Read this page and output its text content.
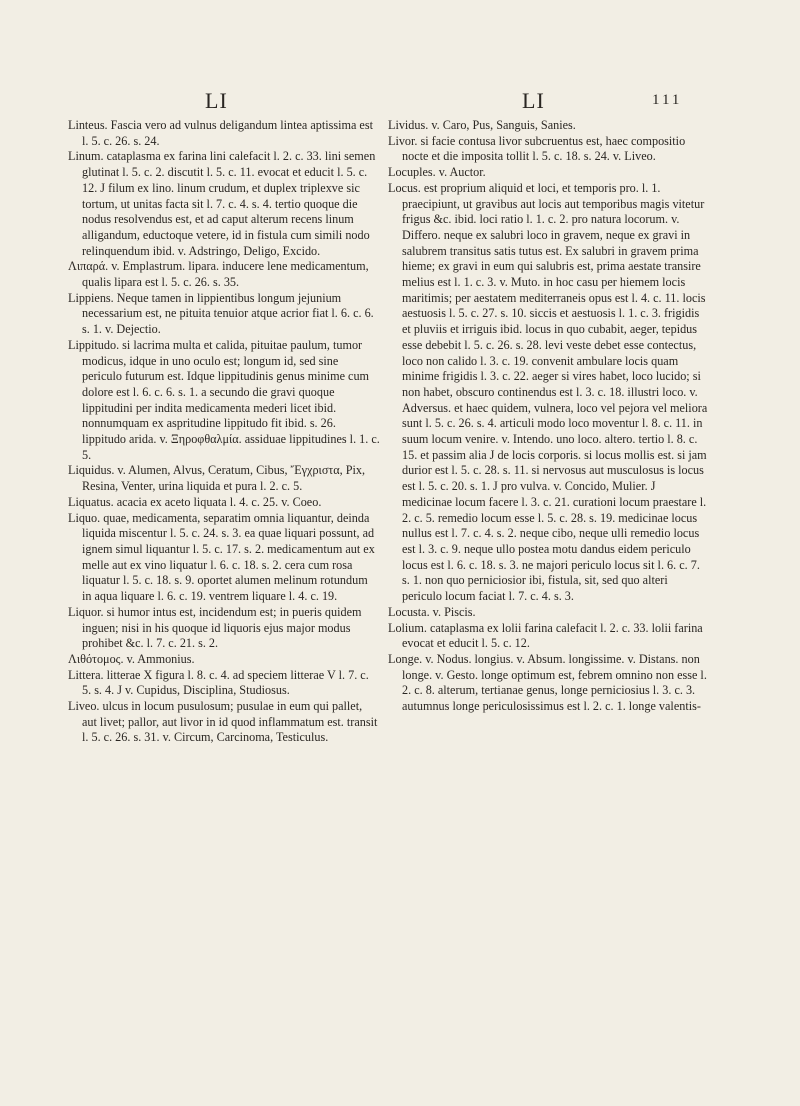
LI	LI	111

Linteus. Fascia vero ad vulnus deligandum lintea aptissima est l. 5. c. 26. s. 24.

Linum. cataplasma ex farina lini calefacit l. 2. c. 33. lini semen glutinat l. 5. c. 2. discutit l. 5. c. 11. evocat et educit l. 5. c. 12. J filum ex lino. linum crudum, et duplex triplexve sic tortum, ut unitas facta sit l. 7. c. 4. s. 4. tertio quoque die nodus resolvendus est, et ad caput alterum recens linum alligandum, eductoque vetere, id in fistula cum simili nodo relinquendum ibid. v. Adstringo, Deligo, Excido.

Λιπαρά. v. Emplastrum. lipara. inducere lene medicamentum, qualis lipara est l. 5. c. 26. s. 35.

Lippiens. Neque tamen in lippientibus longum jejunium necessarium est, ne pituita tenuior atque acrior fiat l. 6. c. 6. s. 1. v. Dejectio.

Lippitudo. si lacrima multa et calida, pituitae paulum, tumor modicus, idque in uno oculo est; longum id, sed sine periculo futurum est. Idque lippitudinis genus minime cum dolore est l. 6. c. 6. s. 1. a secundo die gravi quoque lippitudini per indita medicamenta mederi licet ibid. nonnumquam ex aspritudine lippitudo fit ibid. s. 26. lippitudo arida. v. Ξηροφθαλμία. assiduae lippitudines l. 1. c. 5.

Liquidus. v. Alumen, Alvus, Ceratum, Cibus, Ἔγχριστα, Pix, Resina, Venter, urina liquida et pura l. 2. c. 5.

Liquatus. acacia ex aceto liquata l. 4. c. 25. v. Coeo.

Liquo. quae, medicamenta, separatim omnia liquantur, deinda liquida miscentur l. 5. c. 24. s. 3. ea quae liquari possunt, ad ignem simul liquantur l. 5. c. 17. s. 2. medicamentum aut ex melle aut ex vino liquatur l. 6. c. 18. s. 2. cera cum rosa liquatur l. 5. c. 18. s. 9. oportet alumen melinum rotundum in aqua liquare l. 6. c. 19. ventrem liquare l. 4. c. 19.

Liquor. si humor intus est, incidendum est; in pueris quidem inguen; nisi in his quoque id liquoris ejus major modus prohibet &c. l. 7. c. 21. s. 2.

Λιθότομος. v. Ammonius.

Littera. litterae X figura l. 8. c. 4. ad speciem litterae V l. 7. c. 5. s. 4. J v. Cupidus, Disciplina, Studiosus.

Liveo. ulcus in locum pusulosum; pusulae in eum qui pallet, aut livet; pallor, aut livor in id quod inflammatum est. transit l. 5. c. 26. s. 31. v. Circum, Carcinoma, Testiculus.

Lividus. v. Caro, Pus, Sanguis, Sanies.

Livor. si facie contusa livor subcruentus est, haec compositio nocte et die imposita tollit l. 5. c. 18. s. 24. v. Liveo.

Locuples. v. Auctor.

Locus. est proprium aliquid et loci, et temporis pro. l. 1. praecipiunt, ut gravibus aut locis aut temporibus magis vitetur frigus &c. ibid. loci ratio l. 1. c. 2. pro natura locorum. v. Differo. neque ex salubri loco in gravem, neque ex gravi in salubrem transitus satis tutus est. Ex salubri in gravem prima hieme; ex gravi in eum qui salubris est, prima aestate transire melius est l. 1. c. 3. v. Muto. in hoc casu per hiemem locis maritimis; per aestatem mediterraneis opus est l. 4. c. 11. locis aestuosis l. 5. c. 27. s. 10. siccis et aestuosis l. 1. c. 3. frigidis et pluviis et irriguis ibid. locus in quo cubabit, aeger, tepidus esse debebit l. 5. c. 26. s. 28. levi veste debet esse contectus, loco non calido l. 3. c. 19. convenit ambulare locis quam minime frigidis l. 3. c. 22. aeger si vires habet, loco lucido; si non habet, obscuro continendus est l. 3. c. 18. illustri loco. v. Adversus. et haec quidem, vulnera, loco vel pejora vel meliora sunt l. 5. c. 26. s. 4. articuli modo loco moventur l. 8. c. 11. in suum locum venire. v. Intendo. uno loco. altero. tertio l. 8. c. 15. et passim alia J de locis corporis. si locus mollis est. si jam durior est l. 5. c. 28. s. 11. si nervosus aut musculosus is locus est l. 5. c. 20. s. 1. J pro vulva. v. Concido, Mulier. J medicinae locum facere l. 3. c. 21. curationi locum praestare l. 2. c. 5. remedio locum esse l. 5. c. 28. s. 19. medicinae locus nullus est l. 7. c. 4. s. 2. neque cibo, neque ulli remedio locus est l. 3. c. 9. neque ullo postea motu dandus eidem periculo locus est l. 6. c. 18. s. 3. ne majori periculo locus sit l. 6. c. 7. s. 1. non quo perniciosior ibi, fistula, sit, sed quo alteri periculo locum faciat l. 7. c. 4. s. 3.

Locusta. v. Piscis.

Lolium. cataplasma ex lolii farina calefacit l. 2. c. 33. lolii farina evocat et educit l. 5. c. 12.

Longe. v. Nodus. longius. v. Absum. longissime. v. Distans. non longe. v. Gesto. longe optimum est, febrem omnino non esse l. 2. c. 8. alterum, tertianae genus, longe perniciosius l. 3. c. 3. autumnus longe periculosissimus est l. 2. c. 1. longe valentis-
